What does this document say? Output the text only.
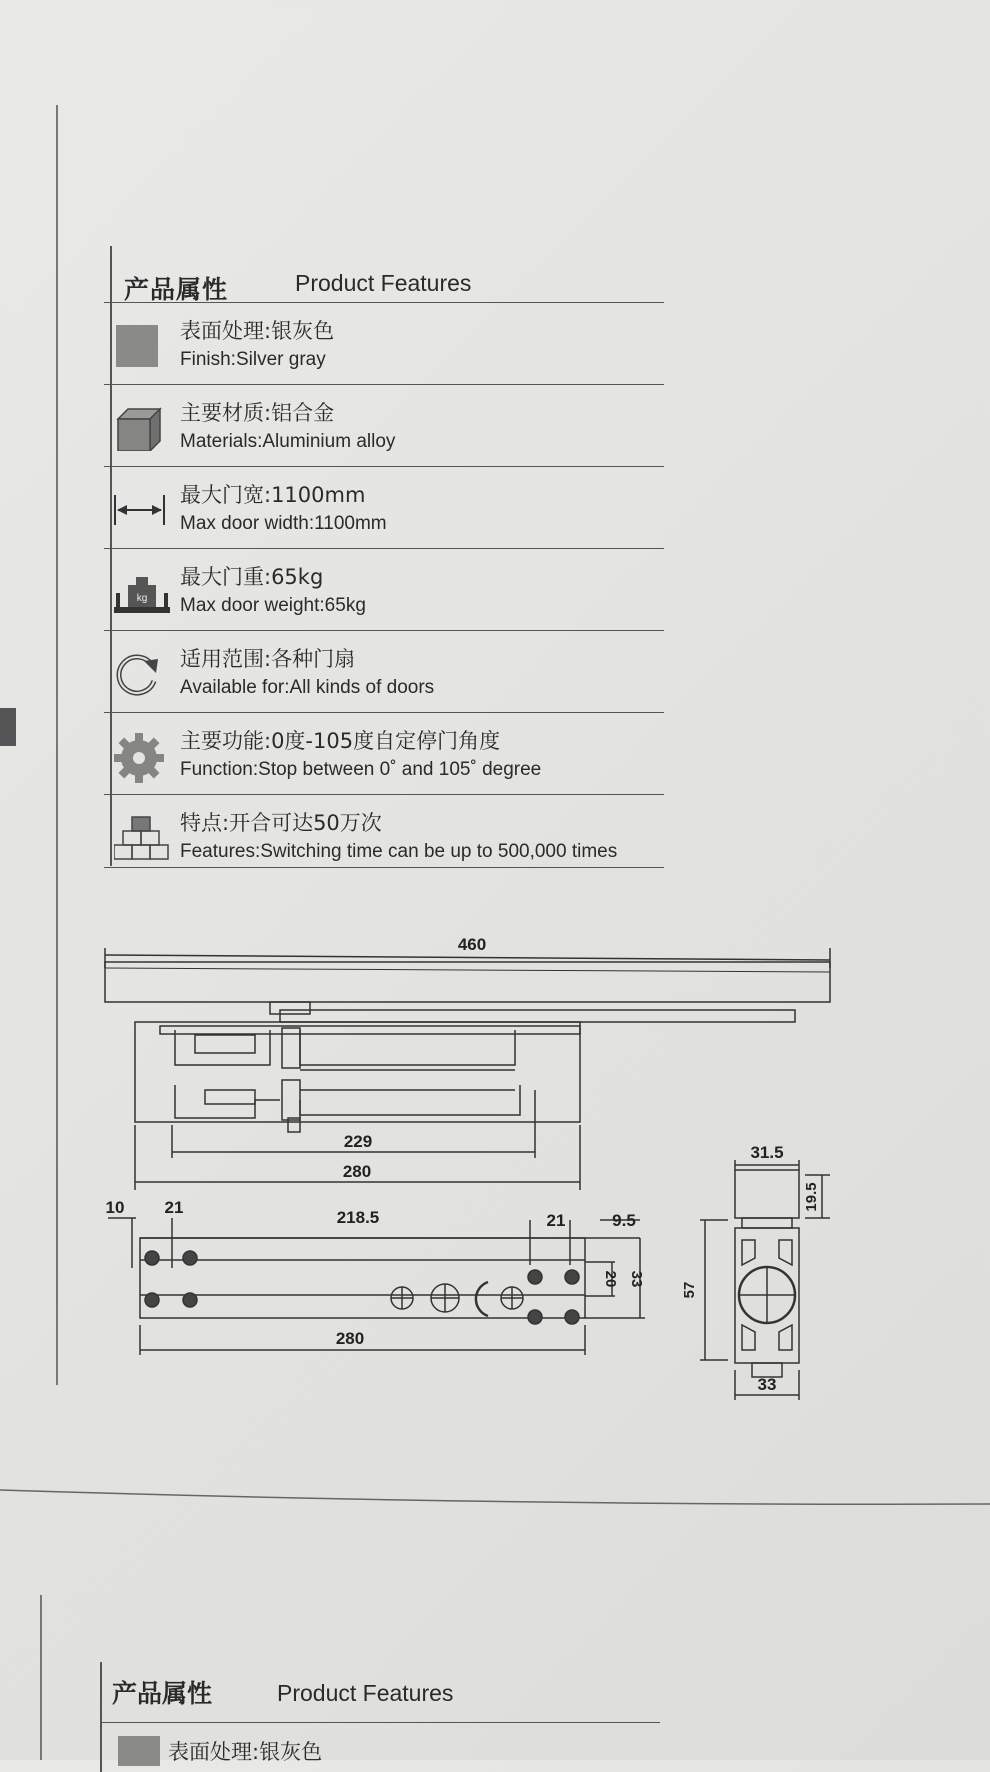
产品属性	Product Features
表面处理:银灰色
Finish:Silver gray
主要材质:铝合金
Materials:Aluminium alloy
最大门宽:1100mm
Max door width:1100mm
kg
最大门重:65kg
Max door weight:65kg
适用范围:各种门扇
Available for:All kinds of doors
主要功能:0度-105度自定停门角度
Function:Stop between 0˚ and 105˚ degree
特点:开合可达50万次
Features:Switching time can be up to 500,000 times
460
229
280
10 21
218.5	21	9.5
20 33
280
31.5
19.5
57
33
产品属性	Product Features
表面处理:银灰色
